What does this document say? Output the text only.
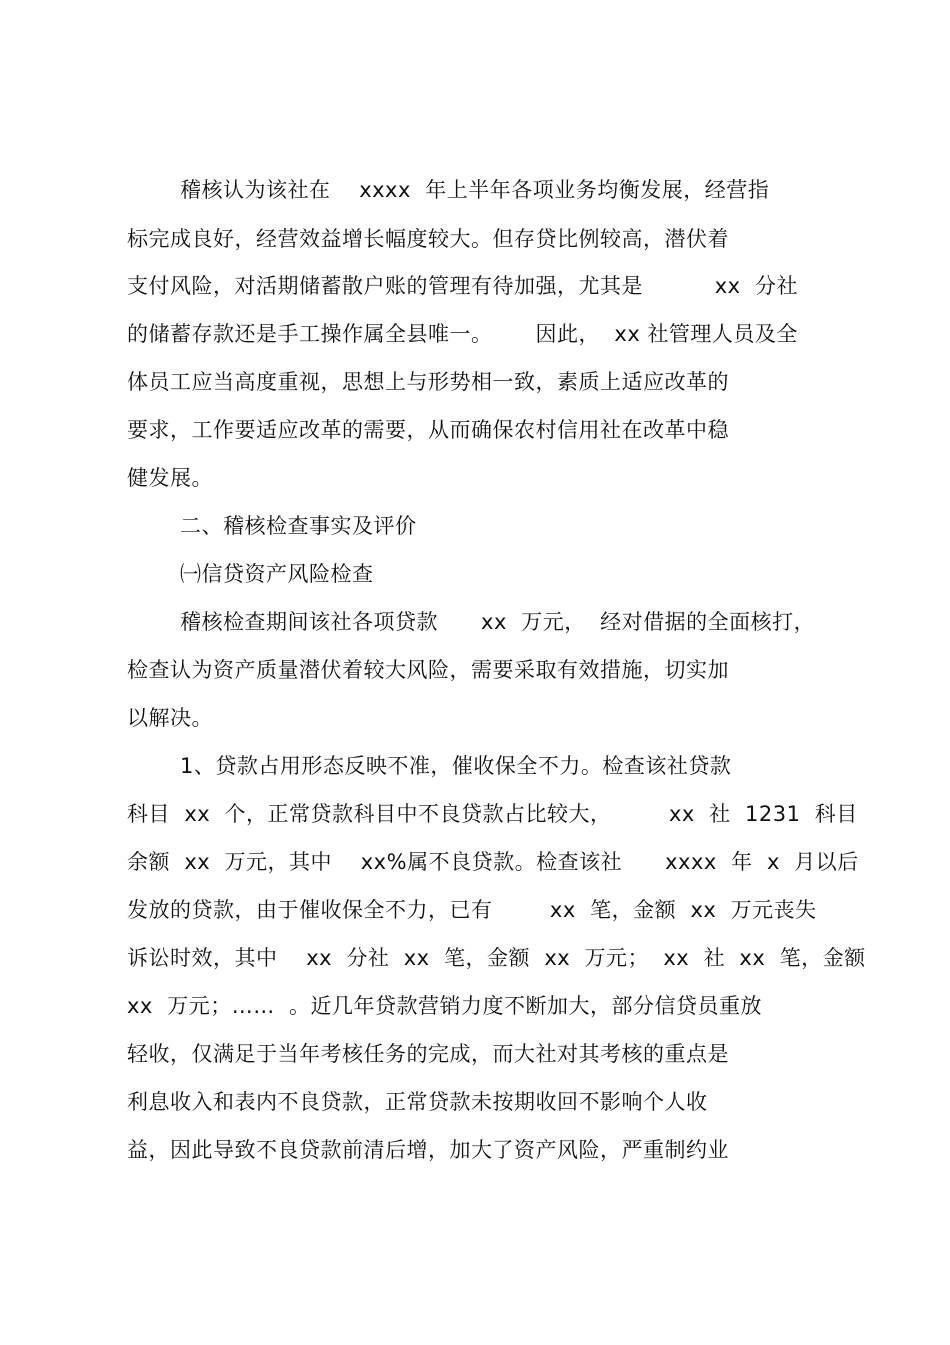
稽核认为该社在    xxxx  年上半年各项业务均衡发展，经营指
标完成良好，经营效益增长幅度较大。但存贷比例较高，潜伏着
支付风险，对活期储蓄散户账的管理有待加强，尤其是          xx  分社
的储蓄存款还是手工操作属全县唯一。      因此，  xx 社管理人员及全
体员工应当高度重视，思想上与形势相一致，素质上适应改革的
要求，工作要适应改革的需要，从而确保农村信用社在改革中稳
健发展。
二、稽核检查事实及评价
㈠信贷资产风险检查
稽核检查期间该社各项贷款      xx  万元，  经对借据的全面核打，
检查认为资产质量潜伏着较大风险，需要采取有效措施，切实加
以解决。
1、贷款占用形态反映不准，催收保全不力。检查该社贷款
科目  xx  个，正常贷款科目中不良贷款占比较大，        xx  社  1231  科目
余额  xx  万元，其中    xx%属不良贷款。检查该社      xxxx  年  x  月以后
发放的贷款，由于催收保全不力，已有        xx  笔，金额  xx  万元丧失
诉讼时效，其中    xx  分社  xx  笔，金额  xx  万元；  xx  社  xx  笔，金额
xx  万元；……  。近几年贷款营销力度不断加大，部分信贷员重放
轻收，仅满足于当年考核任务的完成，而大社对其考核的重点是
利息收入和表内不良贷款，正常贷款未按期收回不影响个人收
益，因此导致不良贷款前清后增，加大了资产风险，严重制约业
